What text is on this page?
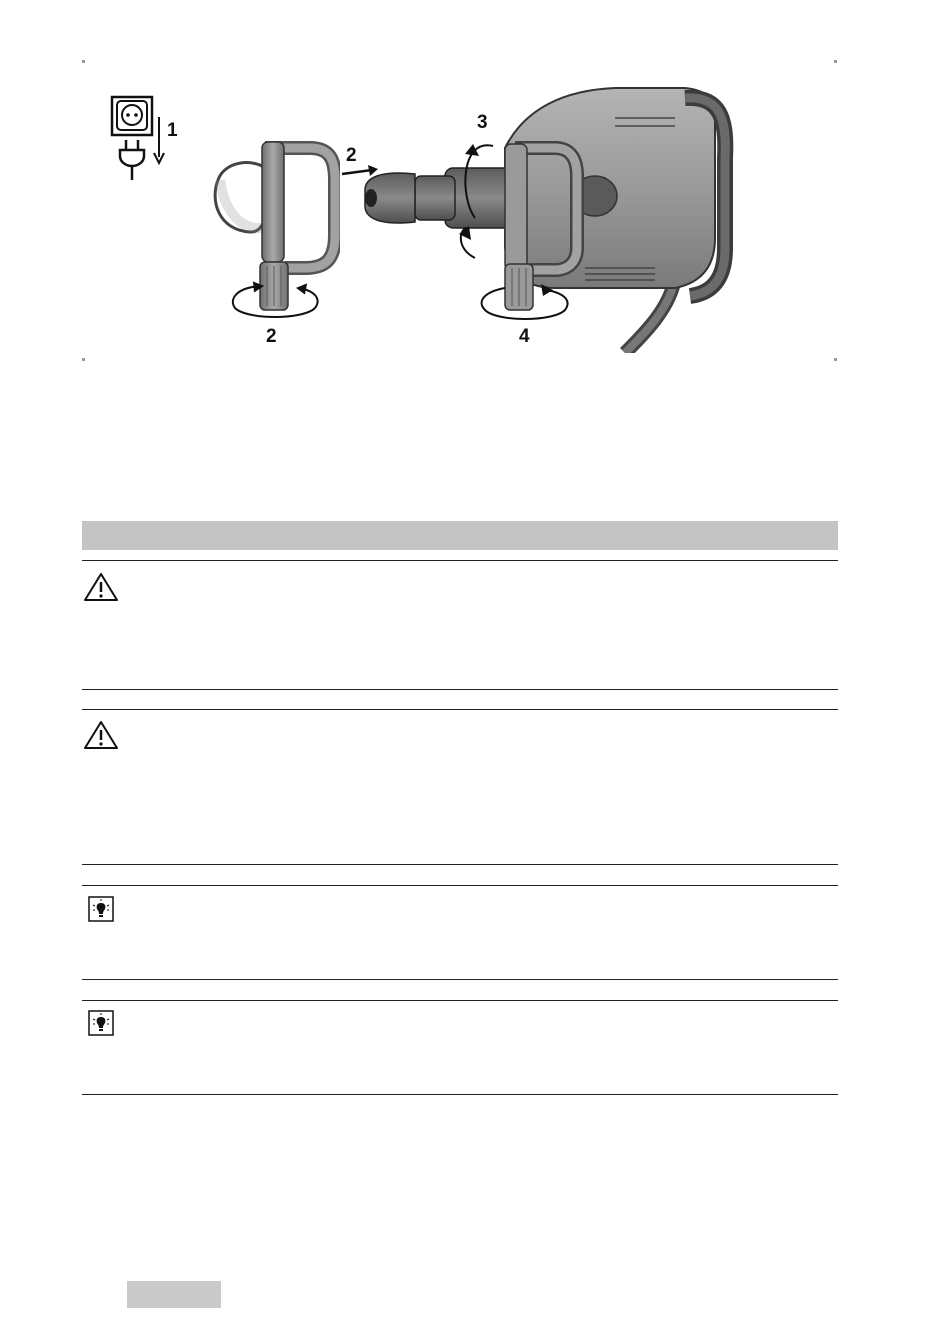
1
2
2
3
4
